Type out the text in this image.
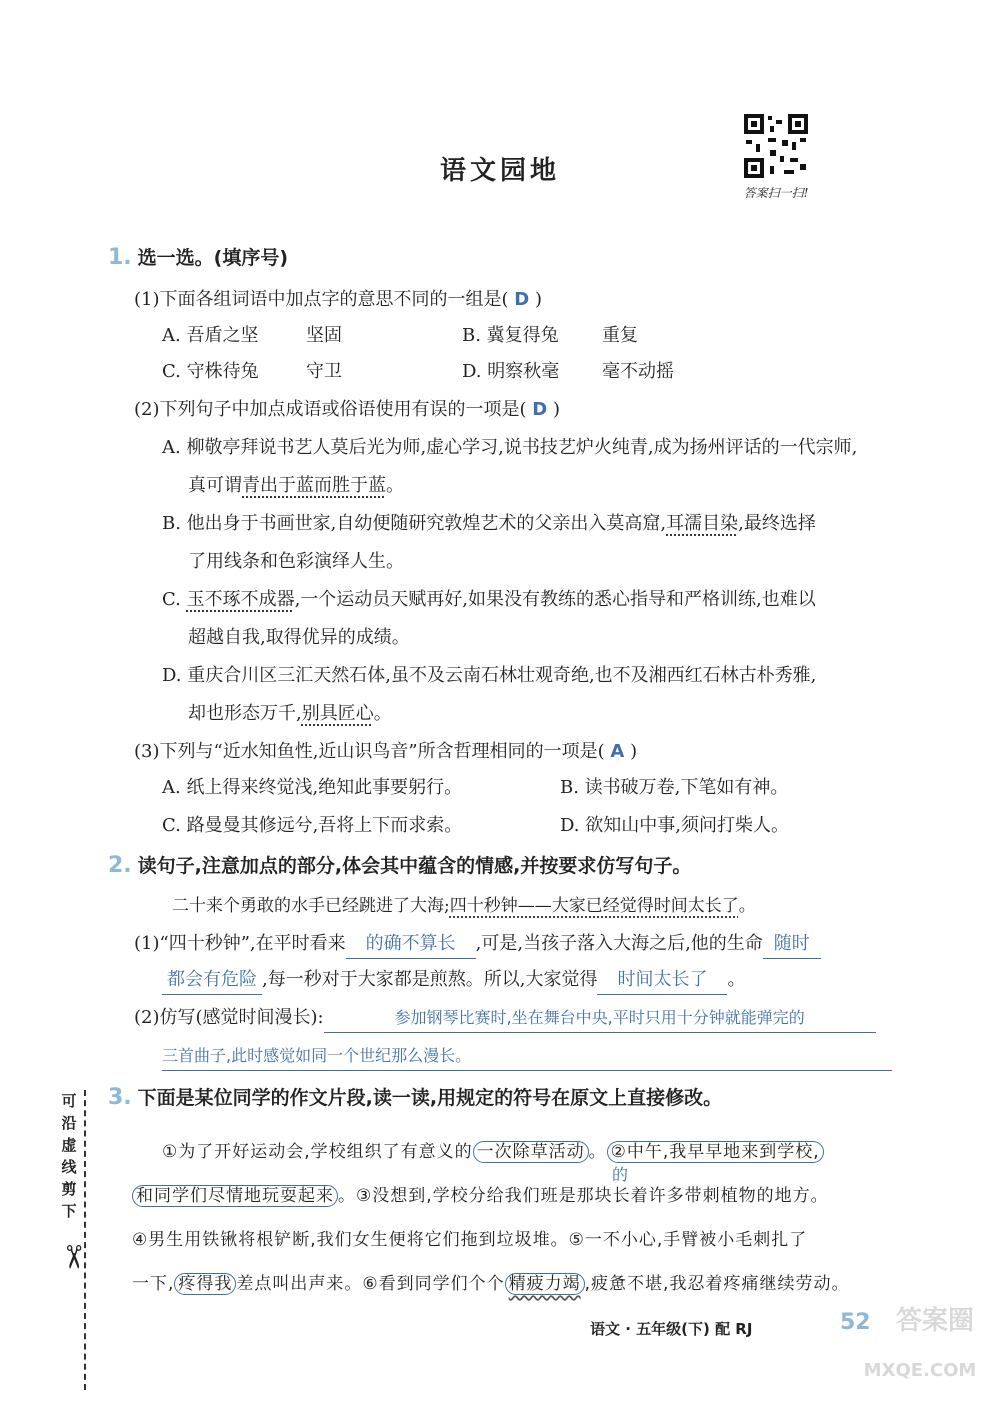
语文园地
答案扫一扫!
1. 选一选。(填序号)
(1)下面各组词语中加点字的意思不同的一组是( D )
A. 吾盾之坚	坚固	B. 冀复得兔 重复
C. 守株待兔	守卫	D. 明察秋毫 毫不动摇
(2)下列句子中加点成语或俗语使用有误的一项是( D )
A. 柳敬亭拜说书艺人莫后光为师,虚心学习,说书技艺炉火纯青,成为扬州评话的一代宗师,
真可谓青出于蓝而胜于蓝。
B. 他出身于书画世家,自幼便随研究敦煌艺术的父亲出入莫高窟,耳濡目染,最终选择
了用线条和色彩演绎人生。
C. 玉不琢不成器,一个运动员天赋再好,如果没有教练的悉心指导和严格训练,也难以
超越自我,取得优异的成绩。
D. 重庆合川区三汇天然石体,虽不及云南石林壮观奇绝,也不及湘西红石林古朴秀雅,
却也形态万千,别具匠心。
(3)下列与“近水知鱼性,近山识鸟音”所含哲理相同的一项是( A )
A. 纸上得来终觉浅,绝知此事要躬行。	B. 读书破万卷,下笔如有神。
C. 路曼曼其修远兮,吾将上下而求索。	D. 欲知山中事,须问打柴人。
2. 读句子,注意加点的部分,体会其中蕴含的情感,并按要求仿写句子。
二十来个勇敢的水手已经跳进了大海;四十秒钟——大家已经觉得时间太长了。
(1)“四十秒钟”,在平时看来 的确不算长 ,可是,当孩子落入大海之后,他的生命 随时
都会有危险 ,每一秒对于大家都是煎熬。所以,大家觉得 时间太长了 。
(2)仿写(感觉时间漫长):	参加钢琴比赛时,坐在舞台中央,平时只用十分钟就能弹完的
三首曲子,此时感觉如同一个世纪那么漫长。
3. 下面是某位同学的作文片段,读一读,用规定的符号在原文上直接修改。
①为了开好运动会,学校组织了有意义的 一次除草活动 。 ②中午,我早早地来到学校,
的
和同学们尽情地玩耍起来 。③没想到,学校分给我们班是那块长着许多带刺植物的地方。
④男生用铁锹将根铲断,我们女生便将它们拖到垃圾堆。⑤一不小心,手臂被小毛刺扎了
一下, 疼得我 差点叫出声来。⑥看到同学们个个 精疲力竭 ,疲惫不堪,我忍着疼痛继续劳动。
可沿虚线剪下
✂
语文 · 五年级(下) 配 RJ	52 答案圈
MXQE.COM
